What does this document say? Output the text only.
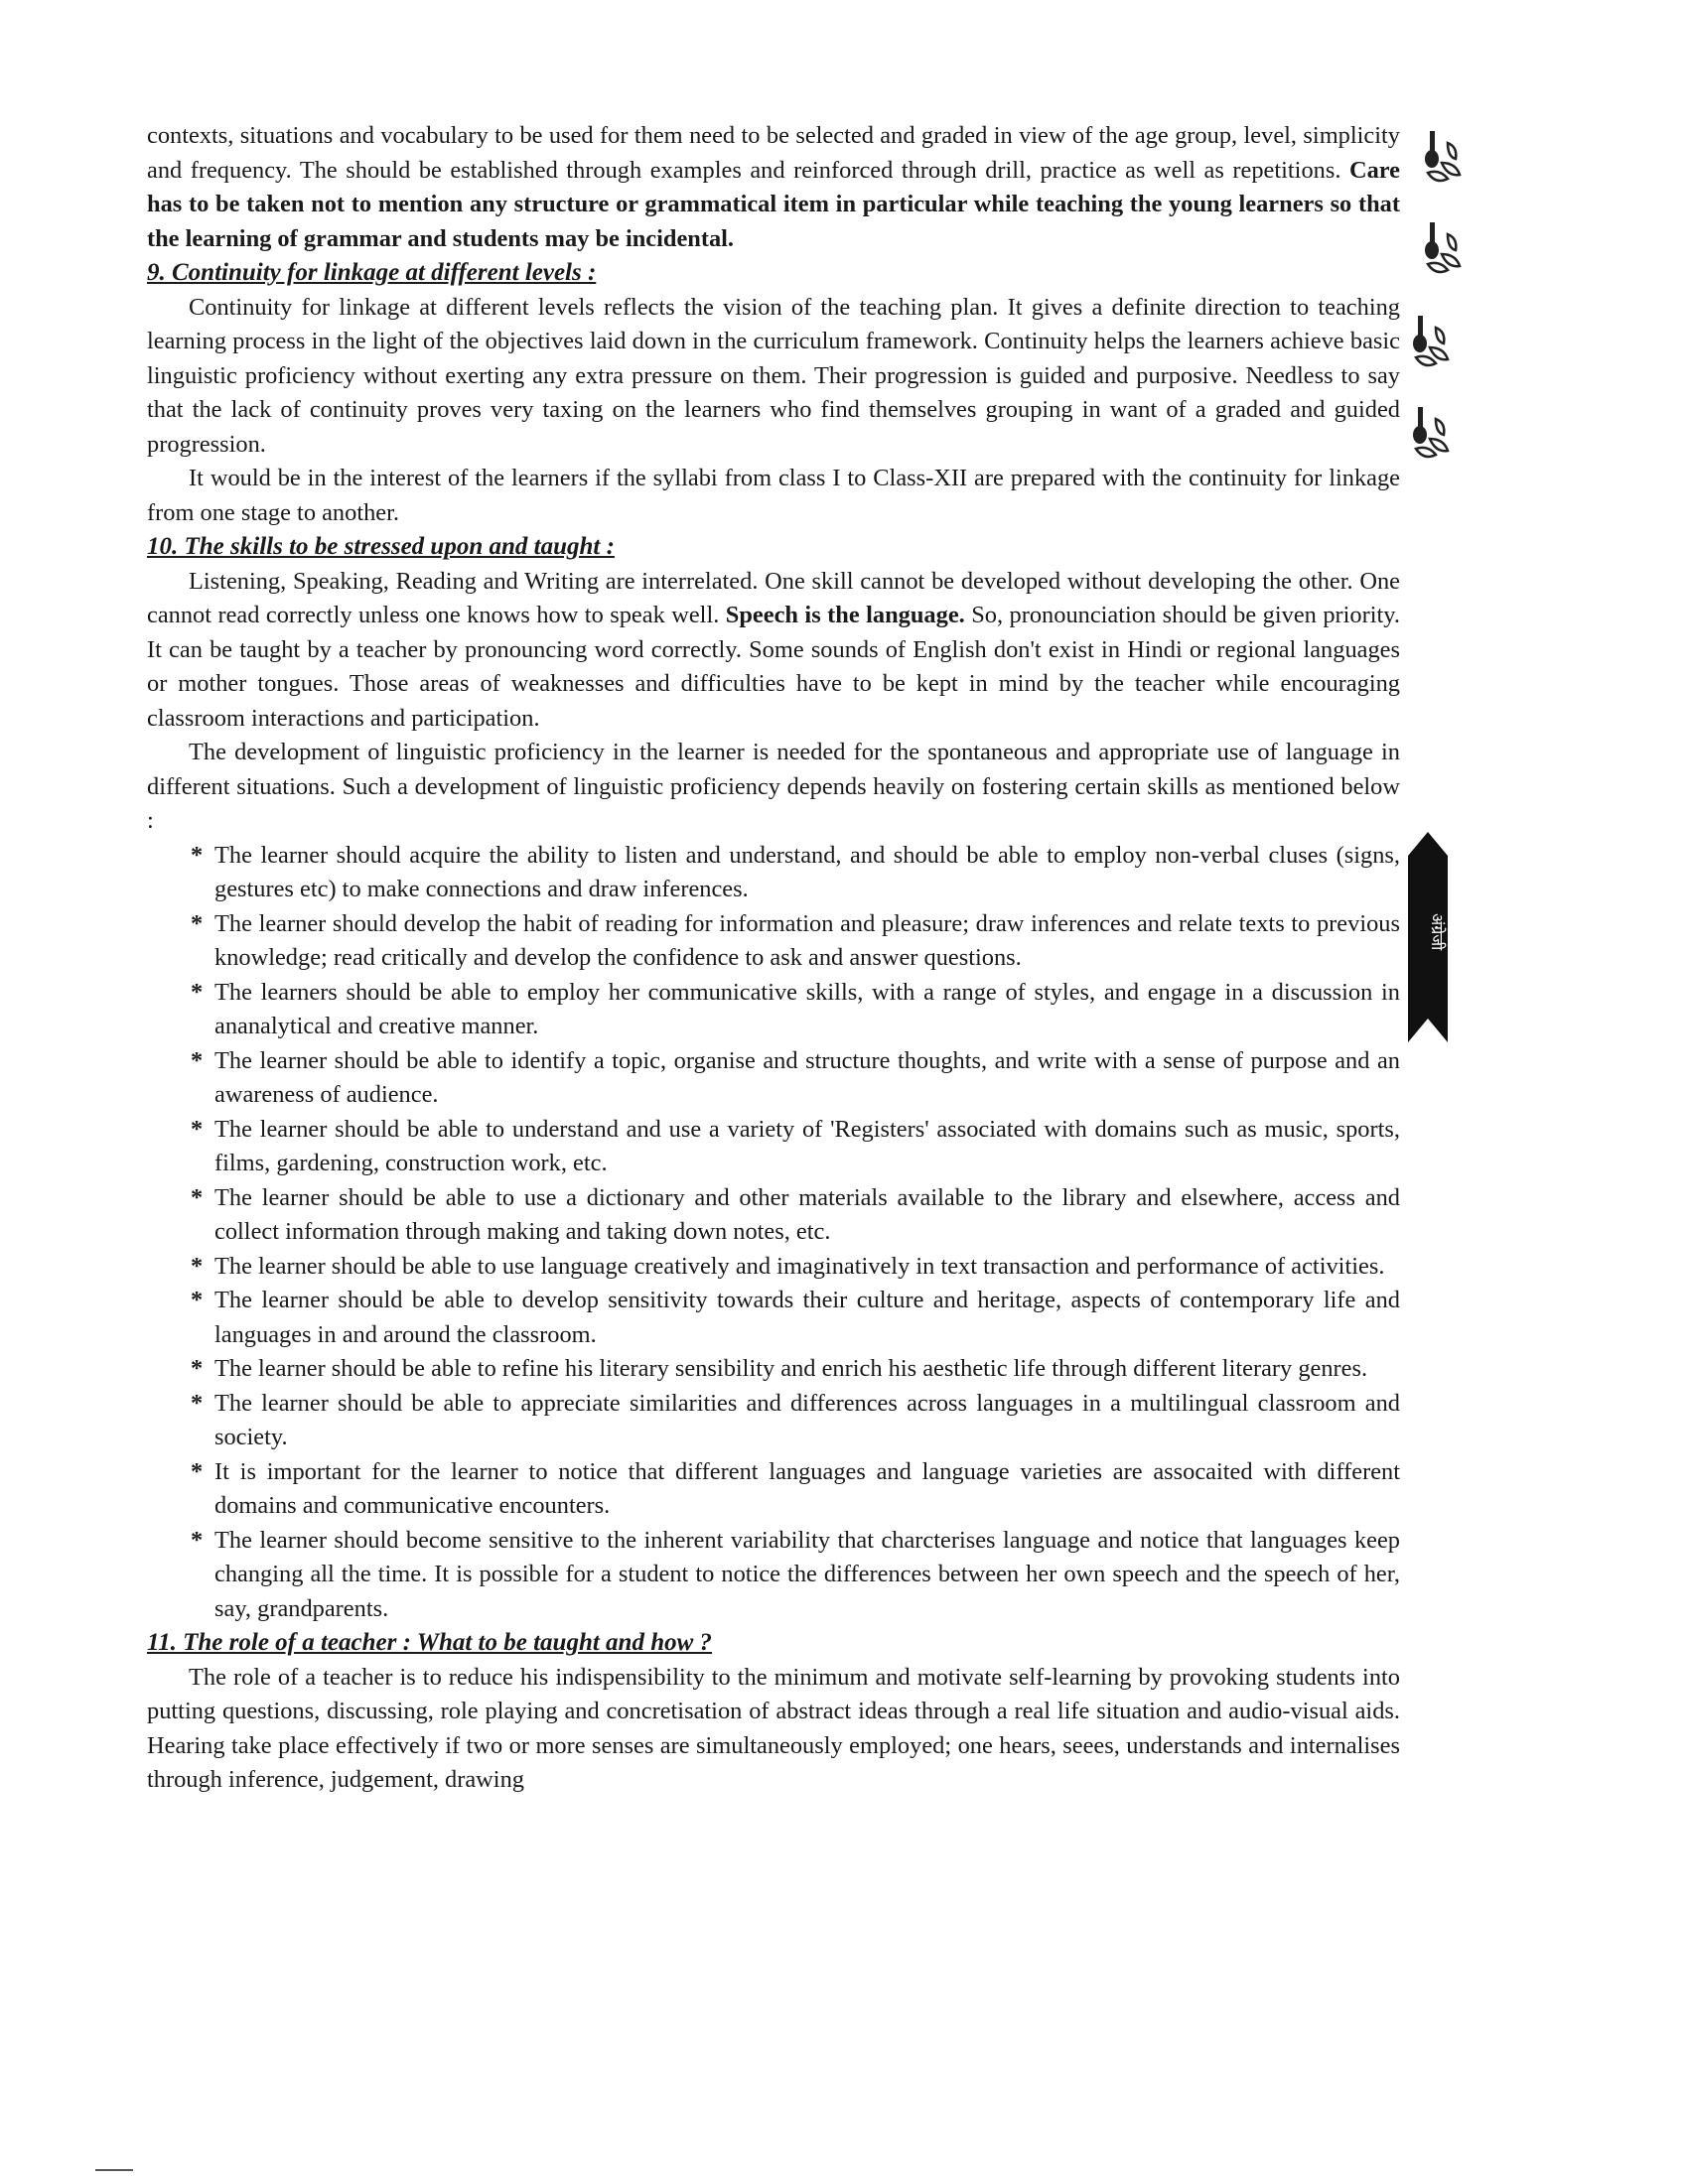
अंग्रेजी

contexts, situations and vocabulary to be used for them need to be selected and graded in view of the age group, level, simplicity and frequency. The should be established through examples and reinforced through drill, practice as well as repetitions. Care has to be taken not to mention any structure or grammatical item in particular while teaching the young learners so that the learning of grammar and students may be incidental.

9. Continuity for linkage at different levels :

Continuity for linkage at different levels reflects the vision of the teaching plan. It gives a definite direction to teaching learning process in the light of the objectives laid down in the curriculum framework. Continuity helps the learners achieve basic linguistic proficiency without exerting any extra pressure on them. Their progression is guided and purposive. Needless to say that the lack of continuity proves very taxing on the learners who find themselves grouping in want of a graded and guided progression.

It would be in the interest of the learners if the syllabi from class I to Class-XII are prepared with the continuity for linkage from one stage to another.

10. The skills to be stressed upon and taught :

Listening, Speaking, Reading and Writing are interrelated. One skill cannot be developed without developing the other. One cannot read correctly unless one knows how to speak well. Speech is the language. So, pronounciation should be given priority. It can be taught by a teacher by pronouncing word correctly. Some sounds of English don't exist in Hindi or regional languages or mother tongues. Those areas of weaknesses and difficulties have to be kept in mind by the teacher while encouraging classroom interactions and participation.

The development of linguistic proficiency in the learner is needed for the spontaneous and appropriate use of language in different situations. Such a development of linguistic proficiency depends heavily on fostering certain skills as mentioned below :

* The learner should acquire the ability to listen and understand, and should be able to employ non-verbal cluses (signs, gestures etc) to make connections and draw inferences.
* The learner should develop the habit of reading for information and pleasure; draw inferences and relate texts to previous knowledge; read critically and develop the confidence to ask and answer questions.
* The learners should be able to employ her communicative skills, with a range of styles, and engage in a discussion in ananalytical and creative manner.
* The learner should be able to identify a topic, organise and structure thoughts, and write with a sense of purpose and an awareness of audience.
* The learner should be able to understand and use a variety of 'Registers' associated with domains such as music, sports, films, gardening, construction work, etc.
* The learner should be able to use a dictionary and other materials available to the library and elsewhere, access and collect information through making and taking down notes, etc.
* The learner should be able to use language creatively and imaginatively in text transaction and performance of activities.
* The learner should be able to develop sensitivity towards their culture and heritage, aspects of contemporary life and languages in and around the classroom.
* The learner should be able to refine his literary sensibility and enrich his aesthetic life through different literary genres.
* The learner should be able to appreciate similarities and differences across languages in a multilingual classroom and society.
* It is important for the learner to notice that different languages and language varieties are assocaited with different domains and communicative encounters.
* The learner should become sensitive to the inherent variability that charcterises language and notice that languages keep changing all the time. It is possible for a student to notice the differences between her own speech and the speech of her, say, grandparents.
11. The role of a teacher : What to be taught and how ?

The role of a teacher is to reduce his indispensibility to the minimum and motivate self-learning by provoking students into putting questions, discussing, role playing and concretisation of abstract ideas through a real life situation and audio-visual aids. Hearing take place effectively if two or more senses are simultaneously employed; one hears, seees, understands and internalises through inference, judgement, drawing
